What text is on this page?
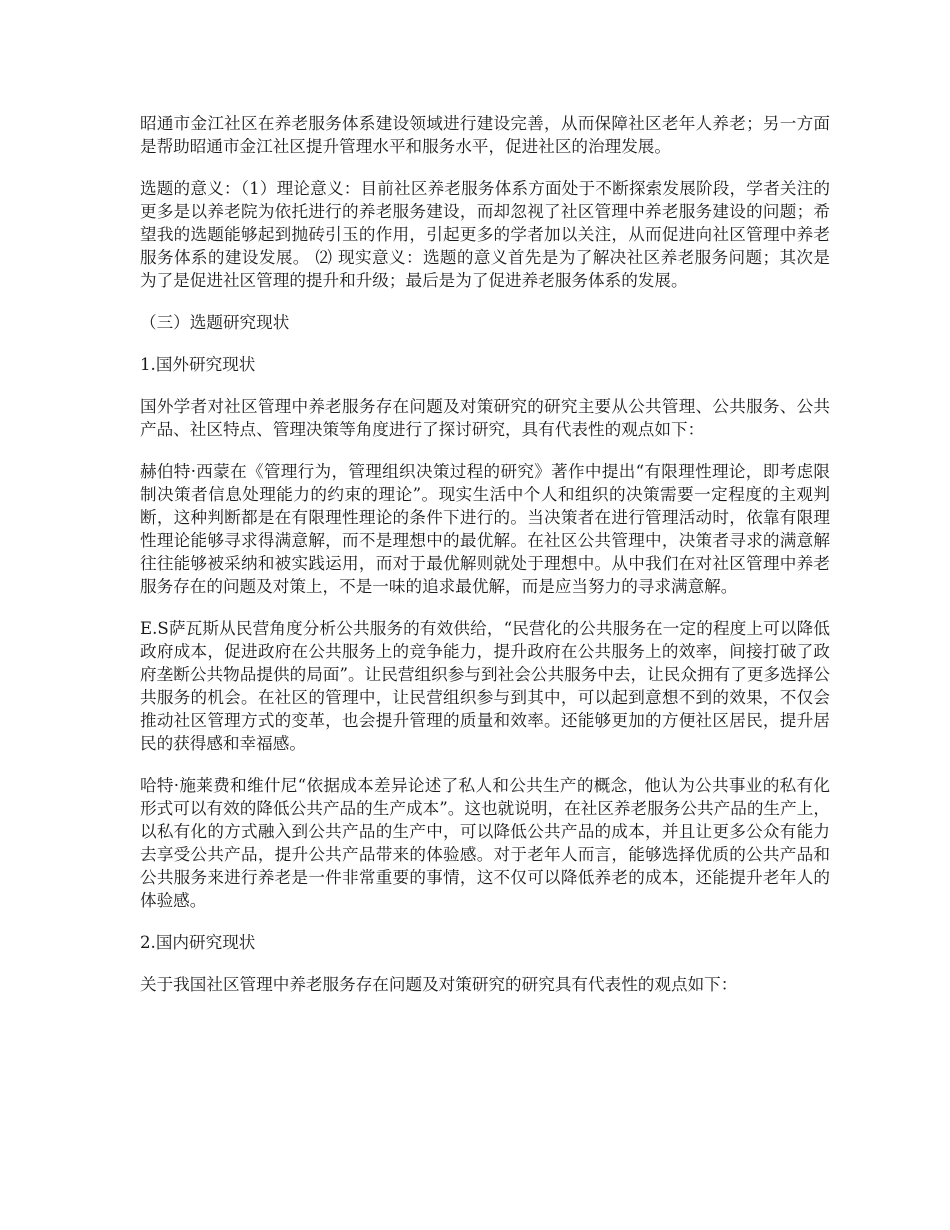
昭通市金江社区在养老服务体系建设领域进行建设完善，从而保障社区老年人养老；另一方面是帮助昭通市金江社区提升管理水平和服务水平，促进社区的治理发展。

选题的意义：（1）理论意义：目前社区养老服务体系方面处于不断探索发展阶段，学者关注的更多是以养老院为依托进行的养老服务建设，而却忽视了社区管理中养老服务建设的问题；希望我的选题能够起到抛砖引玉的作用，引起更多的学者加以关注，从而促进向社区管理中养老服务体系的建设发展。 ⑵ 现实意义：选题的意义首先是为了解决社区养老服务问题；其次是为了是促进社区管理的提升和升级；最后是为了促进养老服务体系的发展。

（三）选题研究现状

1.国外研究现状

国外学者对社区管理中养老服务存在问题及对策研究的研究主要从公共管理、公共服务、公共产品、社区特点、管理决策等角度进行了探讨研究，具有代表性的观点如下：

赫伯特·西蒙在《管理行为，管理组织决策过程的研究》著作中提出“有限理性理论，即考虑限制决策者信息处理能力的约束的理论”。现实生活中个人和组织的决策需要一定程度的主观判断，这种判断都是在有限理性理论的条件下进行的。当决策者在进行管理活动时，依靠有限理性理论能够寻求得满意解，而不是理想中的最优解。在社区公共管理中，决策者寻求的满意解往往能够被采纳和被实践运用，而对于最优解则就处于理想中。从中我们在对社区管理中养老服务存在的问题及对策上，不是一味的追求最优解，而是应当努力的寻求满意解。

E.S萨瓦斯从民营角度分析公共服务的有效供给，“民营化的公共服务在一定的程度上可以降低政府成本，促进政府在公共服务上的竞争能力，提升政府在公共服务上的效率，间接打破了政府垄断公共物品提供的局面”。让民营组织参与到社会公共服务中去，让民众拥有了更多选择公共服务的机会。在社区的管理中，让民营组织参与到其中，可以起到意想不到的效果，不仅会推动社区管理方式的变革，也会提升管理的质量和效率。还能够更加的方便社区居民，提升居民的获得感和幸福感。

哈特·施莱费和维什尼“依据成本差异论述了私人和公共生产的概念，他认为公共事业的私有化形式可以有效的降低公共产品的生产成本”。这也就说明，在社区养老服务公共产品的生产上，以私有化的方式融入到公共产品的生产中，可以降低公共产品的成本，并且让更多公众有能力去享受公共产品，提升公共产品带来的体验感。对于老年人而言，能够选择优质的公共产品和公共服务来进行养老是一件非常重要的事情，这不仅可以降低养老的成本，还能提升老年人的体验感。

2.国内研究现状

关于我国社区管理中养老服务存在问题及对策研究的研究具有代表性的观点如下：
